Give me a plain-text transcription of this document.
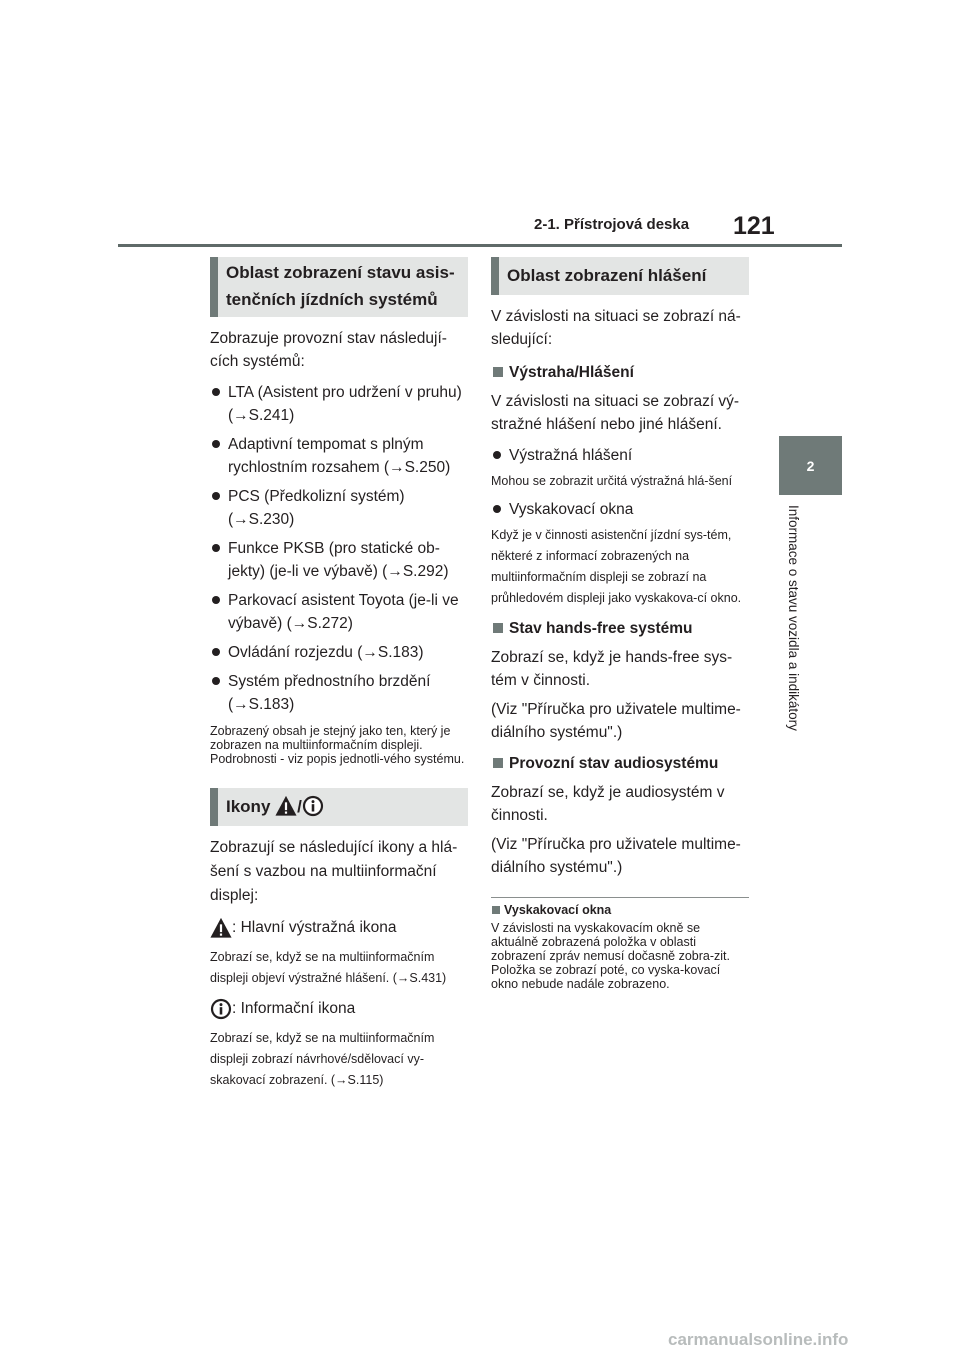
2-1. Přístrojová deska 121
2
Informace o stavu vozidla a indikátory
Oblast zobrazení stavu asis-
tenčních jízdních systémů

Zobrazuje provozní stav následují-cích systémů:

LTA (Asistent pro udržení v pruhu) (→S.241)
Adaptivní tempomat s plným rychlostním rozsahem (→S.250)
PCS (Předkolizní systém) (→S.230)
Funkce PKSB (pro statické ob-jekty) (je-li ve výbavě) (→S.292)
Parkovací asistent Toyota (je-li ve výbavě) (→S.272)
Ovládání rozjezdu (→S.183)
Systém přednostního brzdění (→S.183)

Zobrazený obsah je stejný jako ten, který je zobrazen na multiinformačním displeji. Podrobnosti - viz popis jednotli-vého systému.

Ikony
/

Zobrazují se následující ikony a hlá-šení s vazbou na multiinformační displej:

: Hlavní výstražná ikona

Zobrazí se, když se na multiinformačním displeji objeví výstražné hlášení. (→S.431)

: Informační ikona

Zobrazí se, když se na multiinformačním displeji zobrazí návrhové/sdělovací vy-skakovací zobrazení. (→S.115)

Oblast zobrazení hlášení

V závislosti na situaci se zobrazí ná-sledující:

Výstraha/Hlášení

V závislosti na situaci se zobrazí vý-stražné hlášení nebo jiné hlášení.

Výstražná hlášení

Mohou se zobrazit určitá výstražná hlá-šení

Vyskakovací okna

Když je v činnosti asistenční jízdní sys-tém, některé z informací zobrazených na multiinformačním displeji se zobrazí na průhledovém displeji jako vyskakova-cí okno.

Stav hands-free systému

Zobrazí se, když je hands-free sys-tém v činnosti.

(Viz "Příručka pro uživatele multime-diálního systému".)

Provozní stav audiosystému

Zobrazí se, když je audiosystém v činnosti.

(Viz "Příručka pro uživatele multime-diálního systému".)

Vyskakovací okna

V závislosti na vyskakovacím okně se aktuálně zobrazená položka v oblasti zobrazení zpráv nemusí dočasně zobra-zit. Položka se zobrazí poté, co vyska-kovací okno nebude nadále zobrazeno.

carmanualsonline.info
